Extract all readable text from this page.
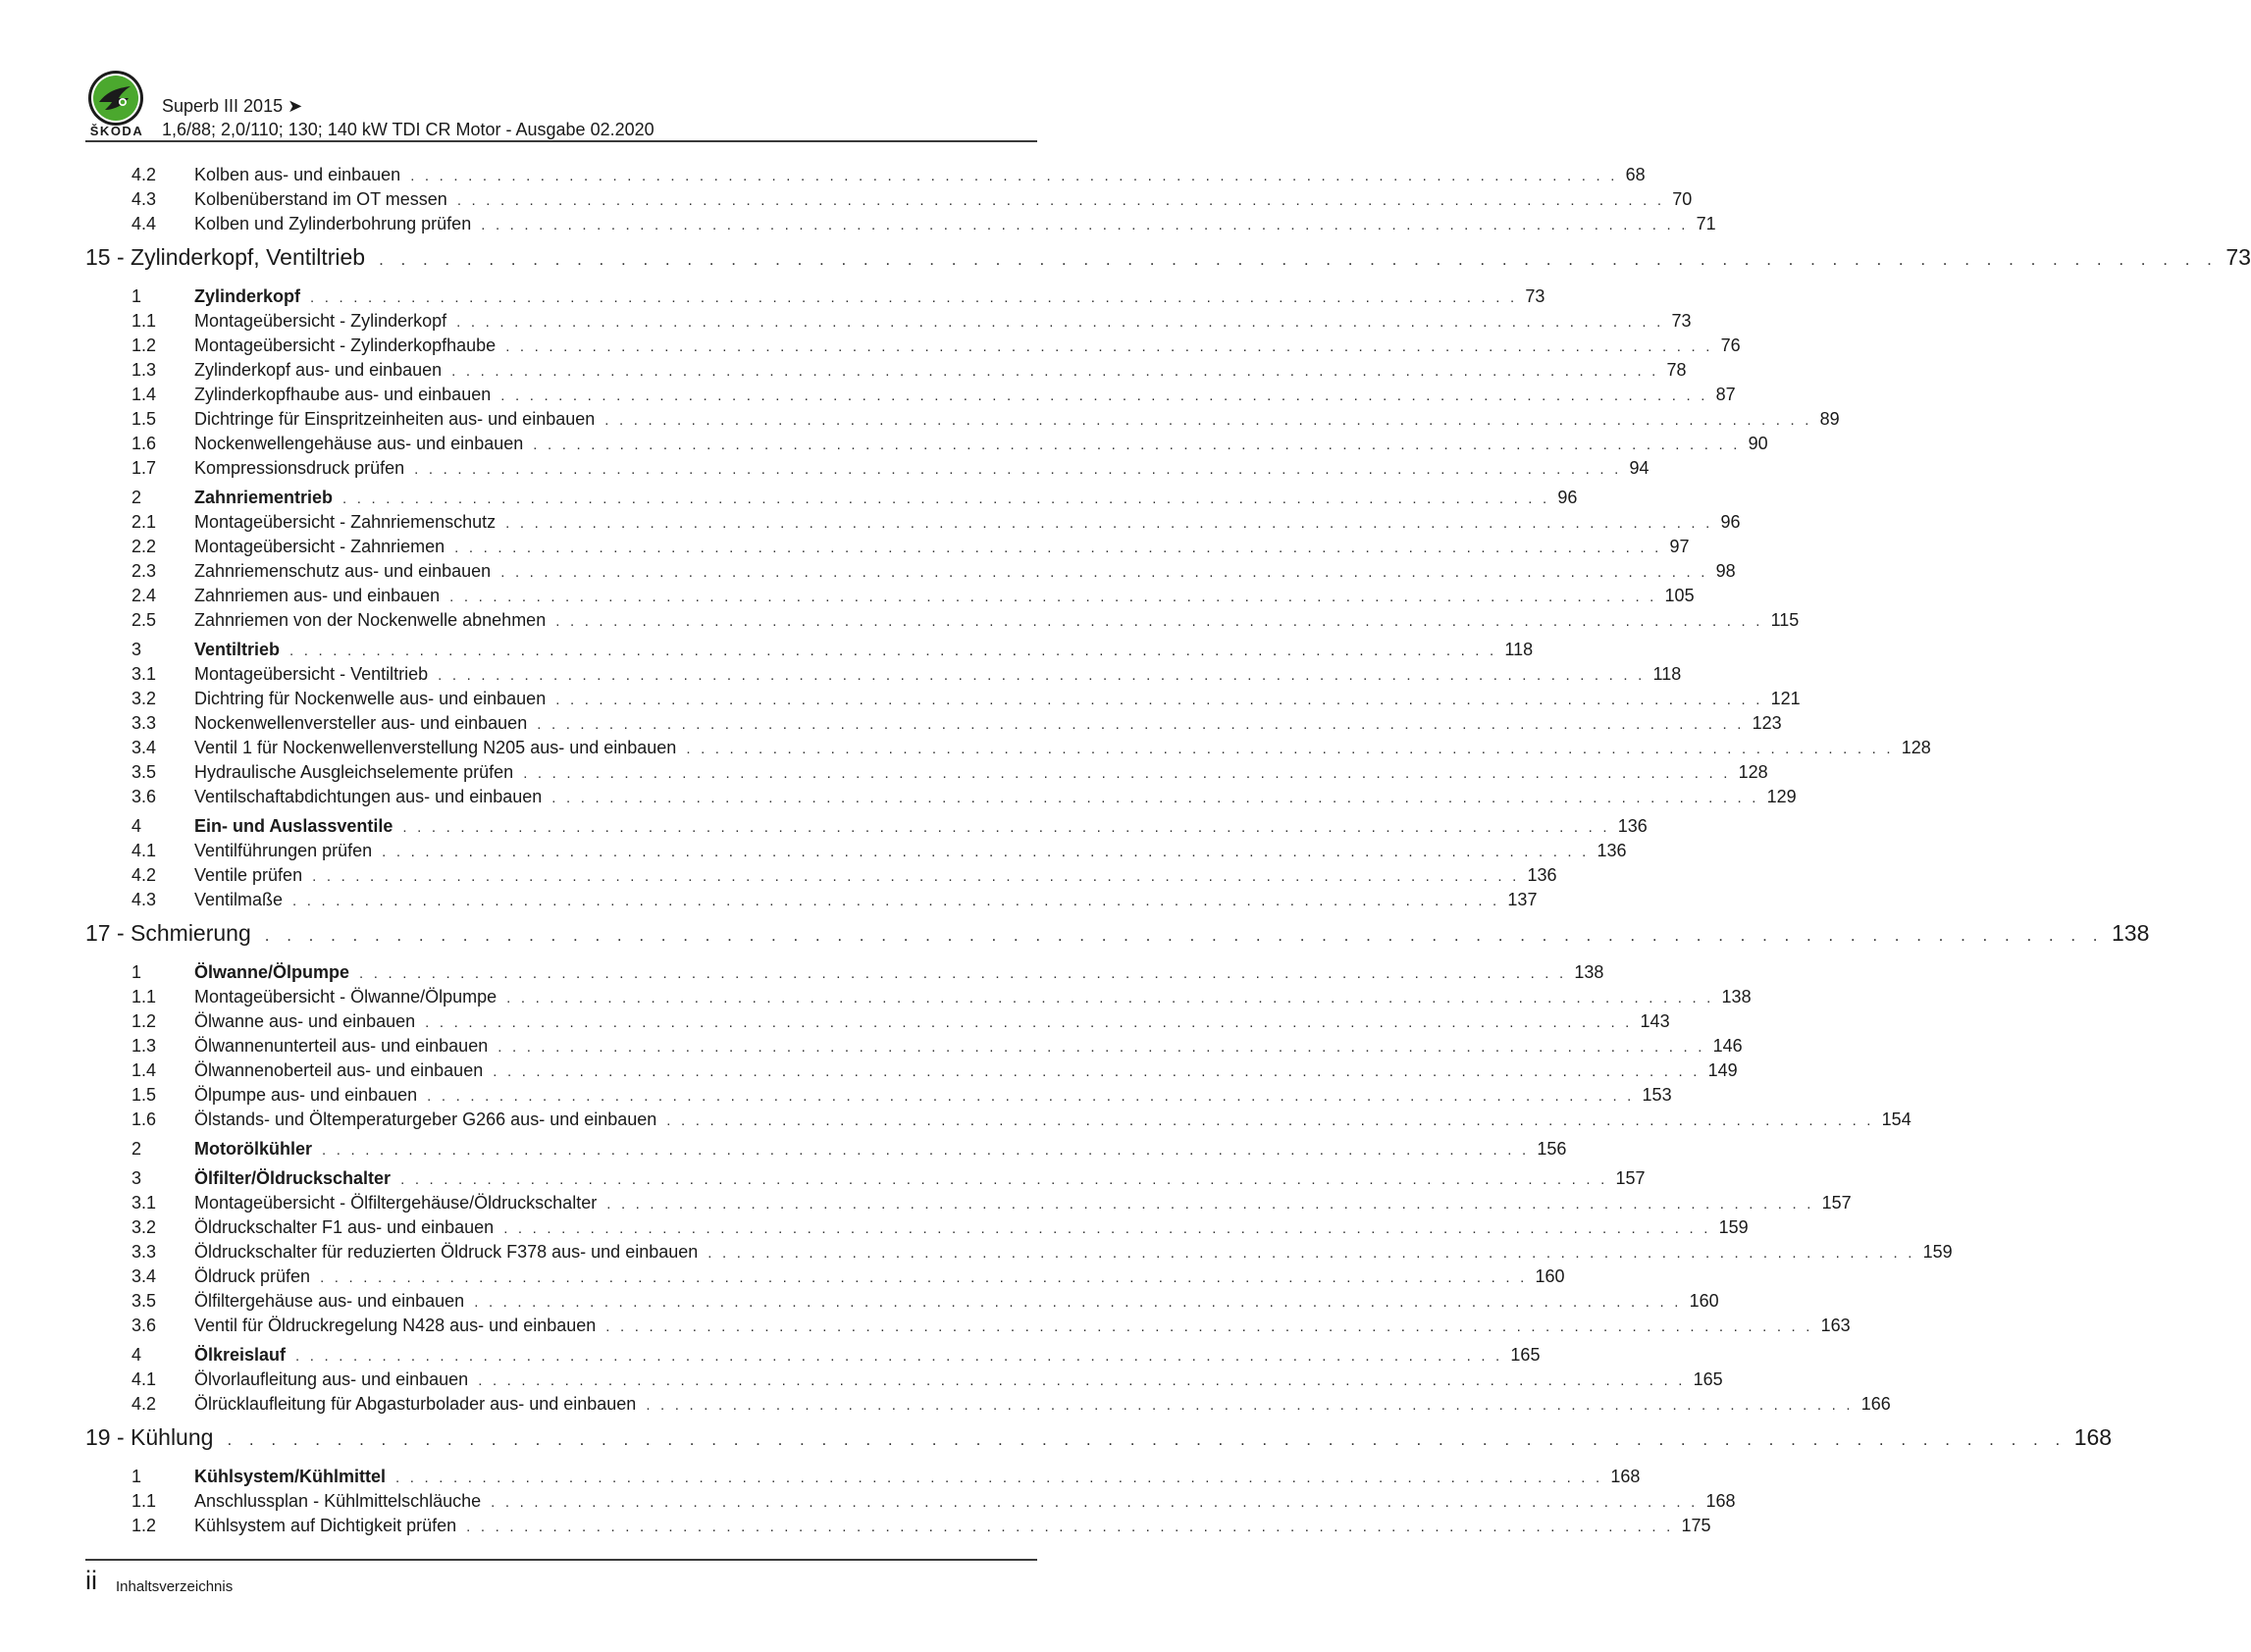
ŠKODA
Superb III 2015 ➤
1,6/88; 2,0/110; 130; 140 kW TDI CR Motor - Ausgabe 02.2020
4.2	Kolben aus- und einbauen . . . . . . . . . . . . . . . . . . . . . . . . . . . . . . . . . . . . . . . . . . . . . . . . . . . . . . . . . . . . . . . . . . . . . . . . . . . . . . . . . . . . 68
4.3	Kolbenüberstand im OT messen . . . . . . . . . . . . . . . . . . . . . . . . . . . . . . . . . . . . . . . . . . . . . . . . . . . . . . . . . . . . . . . . . . . . . . . . . . . . . . . . . . . . 70
4.4	Kolben und Zylinderbohrung prüfen . . . . . . . . . . . . . . . . . . . . . . . . . . . . . . . . . . . . . . . . . . . . . . . . . . . . . . . . . . . . . . . . . . . . . . . . . . . . . . . . . . . . 71
15 - Zylinderkopf, Ventiltrieb . . . . . . . . . . . . . . . . . . . . . . . . . . . . . . . . . . . . . . . . . . . . . . . . . . . . . . . . . . . . . . . . . . . . . . . . . . . . . . . . . . . . 73
1	Zylinderkopf . . . . . . . . . . . . . . . . . . . . . . . . . . . . . . . . . . . . . . . . . . . . . . . . . . . . . . . . . . . . . . . . . . . . . . . . . . . . . . . . . . . . 73
1.1	Montageübersicht - Zylinderkopf . . . . . . . . . . . . . . . . . . . . . . . . . . . . . . . . . . . . . . . . . . . . . . . . . . . . . . . . . . . . . . . . . . . . . . . . . . . . . . . . . . . . 73
1.2	Montageübersicht - Zylinderkopfhaube . . . . . . . . . . . . . . . . . . . . . . . . . . . . . . . . . . . . . . . . . . . . . . . . . . . . . . . . . . . . . . . . . . . . . . . . . . . . . . . . . . . . 76
1.3	Zylinderkopf aus- und einbauen . . . . . . . . . . . . . . . . . . . . . . . . . . . . . . . . . . . . . . . . . . . . . . . . . . . . . . . . . . . . . . . . . . . . . . . . . . . . . . . . . . . . 78
1.4	Zylinderkopfhaube aus- und einbauen . . . . . . . . . . . . . . . . . . . . . . . . . . . . . . . . . . . . . . . . . . . . . . . . . . . . . . . . . . . . . . . . . . . . . . . . . . . . . . . . . . . . 87
1.5	Dichtringe für Einspritzeinheiten aus- und einbauen . . . . . . . . . . . . . . . . . . . . . . . . . . . . . . . . . . . . . . . . . . . . . . . . . . . . . . . . . . . . . . . . . . . . . . . . . . . . . . . . . . . . 89
1.6	Nockenwellengehäuse aus- und einbauen . . . . . . . . . . . . . . . . . . . . . . . . . . . . . . . . . . . . . . . . . . . . . . . . . . . . . . . . . . . . . . . . . . . . . . . . . . . . . . . . . . . . 90
1.7	Kompressionsdruck prüfen . . . . . . . . . . . . . . . . . . . . . . . . . . . . . . . . . . . . . . . . . . . . . . . . . . . . . . . . . . . . . . . . . . . . . . . . . . . . . . . . . . . . 94
2	Zahnriementrieb . . . . . . . . . . . . . . . . . . . . . . . . . . . . . . . . . . . . . . . . . . . . . . . . . . . . . . . . . . . . . . . . . . . . . . . . . . . . . . . . . . . . 96
2.1	Montageübersicht - Zahnriemenschutz . . . . . . . . . . . . . . . . . . . . . . . . . . . . . . . . . . . . . . . . . . . . . . . . . . . . . . . . . . . . . . . . . . . . . . . . . . . . . . . . . . . . 96
2.2	Montageübersicht - Zahnriemen . . . . . . . . . . . . . . . . . . . . . . . . . . . . . . . . . . . . . . . . . . . . . . . . . . . . . . . . . . . . . . . . . . . . . . . . . . . . . . . . . . . . 97
2.3	Zahnriemenschutz aus- und einbauen . . . . . . . . . . . . . . . . . . . . . . . . . . . . . . . . . . . . . . . . . . . . . . . . . . . . . . . . . . . . . . . . . . . . . . . . . . . . . . . . . . . . 98
2.4	Zahnriemen aus- und einbauen . . . . . . . . . . . . . . . . . . . . . . . . . . . . . . . . . . . . . . . . . . . . . . . . . . . . . . . . . . . . . . . . . . . . . . . . . . . . . . . . . . . . 105
2.5	Zahnriemen von der Nockenwelle abnehmen . . . . . . . . . . . . . . . . . . . . . . . . . . . . . . . . . . . . . . . . . . . . . . . . . . . . . . . . . . . . . . . . . . . . . . . . . . . . . . . . . . . . 115
3	Ventiltrieb . . . . . . . . . . . . . . . . . . . . . . . . . . . . . . . . . . . . . . . . . . . . . . . . . . . . . . . . . . . . . . . . . . . . . . . . . . . . . . . . . . . . 118
3.1	Montageübersicht - Ventiltrieb . . . . . . . . . . . . . . . . . . . . . . . . . . . . . . . . . . . . . . . . . . . . . . . . . . . . . . . . . . . . . . . . . . . . . . . . . . . . . . . . . . . . 118
3.2	Dichtring für Nockenwelle aus- und einbauen . . . . . . . . . . . . . . . . . . . . . . . . . . . . . . . . . . . . . . . . . . . . . . . . . . . . . . . . . . . . . . . . . . . . . . . . . . . . . . . . . . . . 121
3.3	Nockenwellenversteller aus- und einbauen . . . . . . . . . . . . . . . . . . . . . . . . . . . . . . . . . . . . . . . . . . . . . . . . . . . . . . . . . . . . . . . . . . . . . . . . . . . . . . . . . . . . 123
3.4	Ventil 1 für Nockenwellenverstellung N205 aus- und einbauen . . . . . . . . . . . . . . . . . . . . . . . . . . . . . . . . . . . . . . . . . . . . . . . . . . . . . . . . . . . . . . . . . . . . . . . . . . . . . . . . . . . . 128
3.5	Hydraulische Ausgleichselemente prüfen . . . . . . . . . . . . . . . . . . . . . . . . . . . . . . . . . . . . . . . . . . . . . . . . . . . . . . . . . . . . . . . . . . . . . . . . . . . . . . . . . . . . 128
3.6	Ventilschaftabdichtungen aus- und einbauen . . . . . . . . . . . . . . . . . . . . . . . . . . . . . . . . . . . . . . . . . . . . . . . . . . . . . . . . . . . . . . . . . . . . . . . . . . . . . . . . . . . . 129
4	Ein- und Auslassventile . . . . . . . . . . . . . . . . . . . . . . . . . . . . . . . . . . . . . . . . . . . . . . . . . . . . . . . . . . . . . . . . . . . . . . . . . . . . . . . . . . . . 136
4.1	Ventilführungen prüfen . . . . . . . . . . . . . . . . . . . . . . . . . . . . . . . . . . . . . . . . . . . . . . . . . . . . . . . . . . . . . . . . . . . . . . . . . . . . . . . . . . . . 136
4.2	Ventile prüfen . . . . . . . . . . . . . . . . . . . . . . . . . . . . . . . . . . . . . . . . . . . . . . . . . . . . . . . . . . . . . . . . . . . . . . . . . . . . . . . . . . . . 136
4.3	Ventilmaße . . . . . . . . . . . . . . . . . . . . . . . . . . . . . . . . . . . . . . . . . . . . . . . . . . . . . . . . . . . . . . . . . . . . . . . . . . . . . . . . . . . . 137
17 - Schmierung . . . . . . . . . . . . . . . . . . . . . . . . . . . . . . . . . . . . . . . . . . . . . . . . . . . . . . . . . . . . . . . . . . . . . . . . . . . . . . . . . . . . 138
1	Ölwanne/Ölpumpe . . . . . . . . . . . . . . . . . . . . . . . . . . . . . . . . . . . . . . . . . . . . . . . . . . . . . . . . . . . . . . . . . . . . . . . . . . . . . . . . . . . . 138
1.1	Montageübersicht - Ölwanne/Ölpumpe . . . . . . . . . . . . . . . . . . . . . . . . . . . . . . . . . . . . . . . . . . . . . . . . . . . . . . . . . . . . . . . . . . . . . . . . . . . . . . . . . . . . 138
1.2	Ölwanne aus- und einbauen . . . . . . . . . . . . . . . . . . . . . . . . . . . . . . . . . . . . . . . . . . . . . . . . . . . . . . . . . . . . . . . . . . . . . . . . . . . . . . . . . . . . 143
1.3	Ölwannenunterteil aus- und einbauen . . . . . . . . . . . . . . . . . . . . . . . . . . . . . . . . . . . . . . . . . . . . . . . . . . . . . . . . . . . . . . . . . . . . . . . . . . . . . . . . . . . . 146
1.4	Ölwannenoberteil aus- und einbauen . . . . . . . . . . . . . . . . . . . . . . . . . . . . . . . . . . . . . . . . . . . . . . . . . . . . . . . . . . . . . . . . . . . . . . . . . . . . . . . . . . . . 149
1.5	Ölpumpe aus- und einbauen . . . . . . . . . . . . . . . . . . . . . . . . . . . . . . . . . . . . . . . . . . . . . . . . . . . . . . . . . . . . . . . . . . . . . . . . . . . . . . . . . . . . 153
1.6	Ölstands- und Öltemperaturgeber G266 aus- und einbauen . . . . . . . . . . . . . . . . . . . . . . . . . . . . . . . . . . . . . . . . . . . . . . . . . . . . . . . . . . . . . . . . . . . . . . . . . . . . . . . . . . . . 154
2	Motorölkühler . . . . . . . . . . . . . . . . . . . . . . . . . . . . . . . . . . . . . . . . . . . . . . . . . . . . . . . . . . . . . . . . . . . . . . . . . . . . . . . . . . . . 156
3	Ölfilter/Öldruckschalter . . . . . . . . . . . . . . . . . . . . . . . . . . . . . . . . . . . . . . . . . . . . . . . . . . . . . . . . . . . . . . . . . . . . . . . . . . . . . . . . . . . . 157
3.1	Montageübersicht - Ölfiltergehäuse/Öldruckschalter . . . . . . . . . . . . . . . . . . . . . . . . . . . . . . . . . . . . . . . . . . . . . . . . . . . . . . . . . . . . . . . . . . . . . . . . . . . . . . . . . . . . 157
3.2	Öldruckschalter F1 aus- und einbauen . . . . . . . . . . . . . . . . . . . . . . . . . . . . . . . . . . . . . . . . . . . . . . . . . . . . . . . . . . . . . . . . . . . . . . . . . . . . . . . . . . . . 159
3.3	Öldruckschalter für reduzierten Öldruck F378 aus- und einbauen . . . . . . . . . . . . . . . . . . . . . . . . . . . . . . . . . . . . . . . . . . . . . . . . . . . . . . . . . . . . . . . . . . . . . . . . . . . . . . . . . . . . 159
3.4	Öldruck prüfen . . . . . . . . . . . . . . . . . . . . . . . . . . . . . . . . . . . . . . . . . . . . . . . . . . . . . . . . . . . . . . . . . . . . . . . . . . . . . . . . . . . . 160
3.5	Ölfiltergehäuse aus- und einbauen . . . . . . . . . . . . . . . . . . . . . . . . . . . . . . . . . . . . . . . . . . . . . . . . . . . . . . . . . . . . . . . . . . . . . . . . . . . . . . . . . . . . 160
3.6	Ventil für Öldruckregelung N428 aus- und einbauen . . . . . . . . . . . . . . . . . . . . . . . . . . . . . . . . . . . . . . . . . . . . . . . . . . . . . . . . . . . . . . . . . . . . . . . . . . . . . . . . . . . . 163
4	Ölkreislauf . . . . . . . . . . . . . . . . . . . . . . . . . . . . . . . . . . . . . . . . . . . . . . . . . . . . . . . . . . . . . . . . . . . . . . . . . . . . . . . . . . . . 165
4.1	Ölvorlaufleitung aus- und einbauen . . . . . . . . . . . . . . . . . . . . . . . . . . . . . . . . . . . . . . . . . . . . . . . . . . . . . . . . . . . . . . . . . . . . . . . . . . . . . . . . . . . . 165
4.2	Ölrücklaufleitung für Abgasturbolader aus- und einbauen . . . . . . . . . . . . . . . . . . . . . . . . . . . . . . . . . . . . . . . . . . . . . . . . . . . . . . . . . . . . . . . . . . . . . . . . . . . . . . . . . . . . 166
19 - Kühlung . . . . . . . . . . . . . . . . . . . . . . . . . . . . . . . . . . . . . . . . . . . . . . . . . . . . . . . . . . . . . . . . . . . . . . . . . . . . . . . . . . . . 168
1	Kühlsystem/Kühlmittel . . . . . . . . . . . . . . . . . . . . . . . . . . . . . . . . . . . . . . . . . . . . . . . . . . . . . . . . . . . . . . . . . . . . . . . . . . . . . . . . . . . . 168
1.1	Anschlussplan - Kühlmittelschläuche . . . . . . . . . . . . . . . . . . . . . . . . . . . . . . . . . . . . . . . . . . . . . . . . . . . . . . . . . . . . . . . . . . . . . . . . . . . . . . . . . . . . 168
1.2	Kühlsystem auf Dichtigkeit prüfen . . . . . . . . . . . . . . . . . . . . . . . . . . . . . . . . . . . . . . . . . . . . . . . . . . . . . . . . . . . . . . . . . . . . . . . . . . . . . . . . . . . . 175
ii Inhaltsverzeichnis
